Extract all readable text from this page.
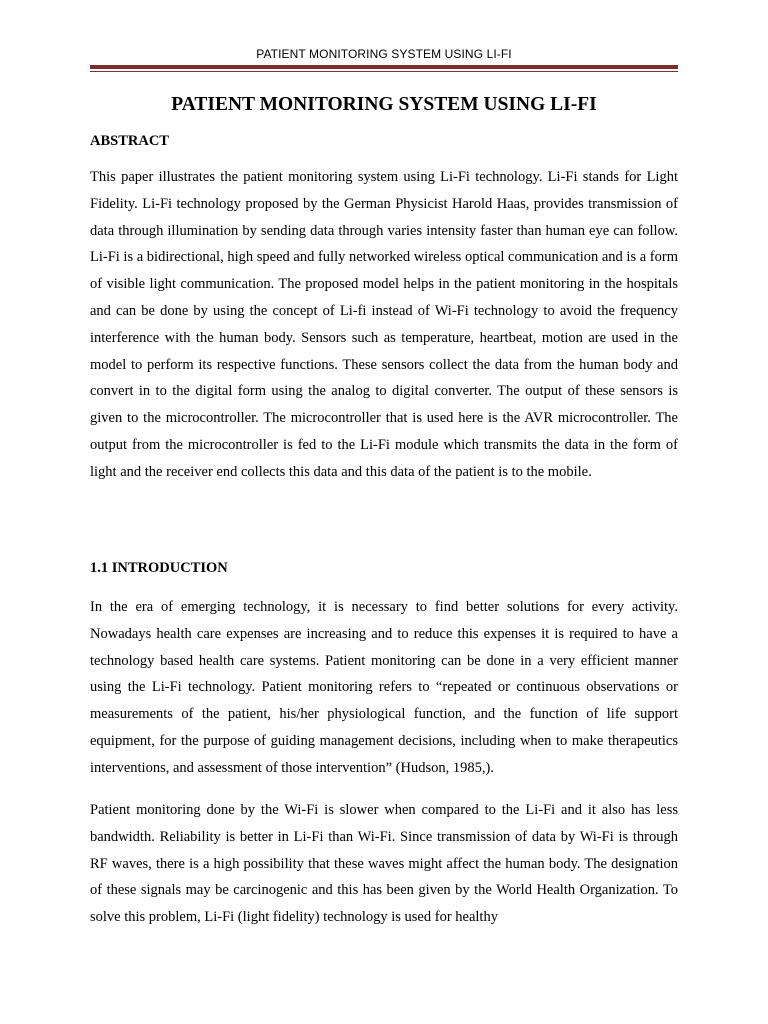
PATIENT MONITORING SYSTEM USING LI-FI
PATIENT MONITORING SYSTEM USING LI-FI
ABSTRACT

This paper illustrates the patient monitoring system using Li-Fi technology. Li-Fi stands for Light Fidelity. Li-Fi technology proposed by the German Physicist Harold Haas, provides transmission of data through illumination by sending data through varies intensity faster than human eye can follow. Li-Fi is a bidirectional, high speed and fully networked wireless optical communication and is a form of visible light communication. The proposed model helps in the patient monitoring in the hospitals and can be done by using the concept of Li-fi instead of Wi-Fi technology to avoid the frequency interference with the human body. Sensors such as temperature, heartbeat, motion are used in the model to perform its respective functions. These sensors collect the data from the human body and convert in to the digital form using the analog to digital converter. The output of these sensors is given to the microcontroller. The microcontroller that is used here is the AVR microcontroller. The output from the microcontroller is fed to the Li-Fi module which transmits the data in the form of light and the receiver end collects this data and this data of the patient is to the mobile.

1.1 INTRODUCTION

In the era of emerging technology, it is necessary to find better solutions for every activity. Nowadays health care expenses are increasing and to reduce this expenses it is required to have a technology based health care systems. Patient monitoring can be done in a very efficient manner using the Li-Fi technology. Patient monitoring refers to “repeated or continuous observations or measurements of the patient, his/her physiological function, and the function of life support equipment, for the purpose of guiding management decisions, including when to make therapeutics interventions, and assessment of those intervention” (Hudson, 1985,).

Patient monitoring done by the Wi-Fi is slower when compared to the Li-Fi and it also has less bandwidth. Reliability is better in Li-Fi than Wi-Fi. Since transmission of data by Wi-Fi is through RF waves, there is a high possibility that these waves might affect the human body. The designation of these signals may be carcinogenic and this has been given by the World Health Organization. To solve this problem, Li-Fi (light fidelity) technology is used for healthy
